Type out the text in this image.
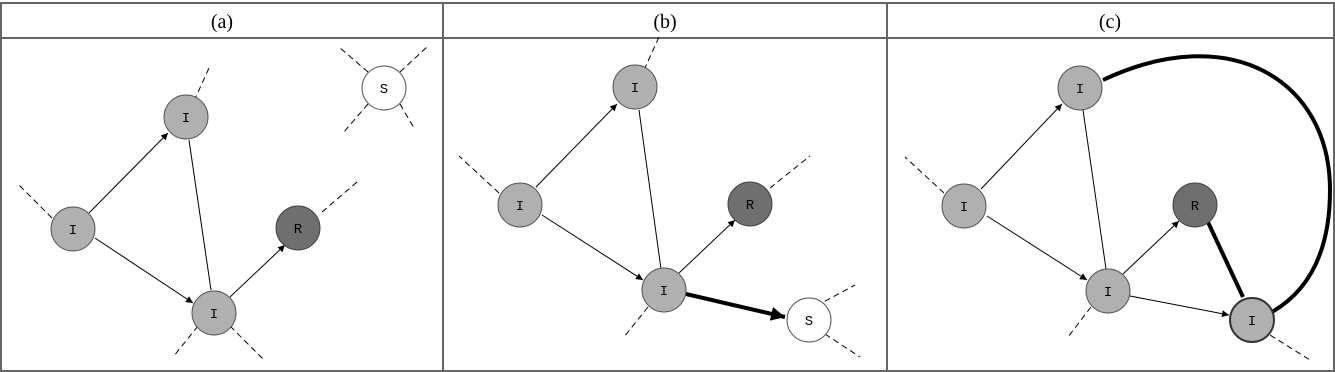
(a)	(b)	(c)
I
I
I
R
S
I
I
I
R
S
I
I
I
R
I
